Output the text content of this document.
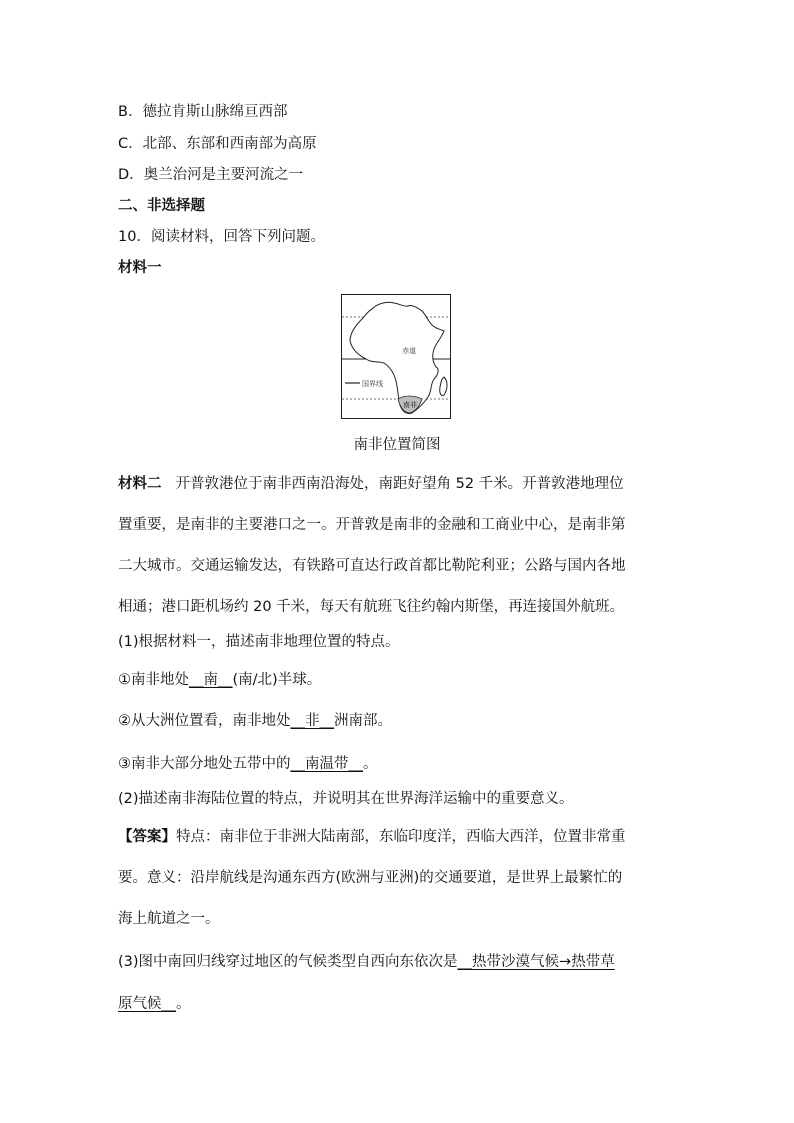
B．德拉肯斯山脉绵亘西部
C．北部、东部和西南部为高原
D．奥兰治河是主要河流之一
二、非选择题
10．阅读材料，回答下列问题。
材料一
国界线
赤道
南非
南非位置简图
材料二 开普敦港位于南非西南沿海处，南距好望角 52 千米。开普敦港地理位
置重要，是南非的主要港口之一。开普敦是南非的金融和工商业中心，是南非第
二大城市。交通运输发达，有铁路可直达行政首都比勒陀利亚；公路与国内各地
相通；港口距机场约 20 千米，每天有航班飞往约翰内斯堡，再连接国外航班。
(1)根据材料一，描述南非地理位置的特点。
①南非地处__南__(南/北)半球。
②从大洲位置看，南非地处__非__洲南部。
③南非大部分地处五带中的__南温带__。
(2)描述南非海陆位置的特点，并说明其在世界海洋运输中的重要意义。
【答案】特点：南非位于非洲大陆南部，东临印度洋，西临大西洋，位置非常重
要。意义：沿岸航线是沟通东西方(欧洲与亚洲)的交通要道，是世界上最繁忙的
海上航道之一。
(3)图中南回归线穿过地区的气候类型自西向东依次是__热带沙漠气候→热带草
原气候__。
